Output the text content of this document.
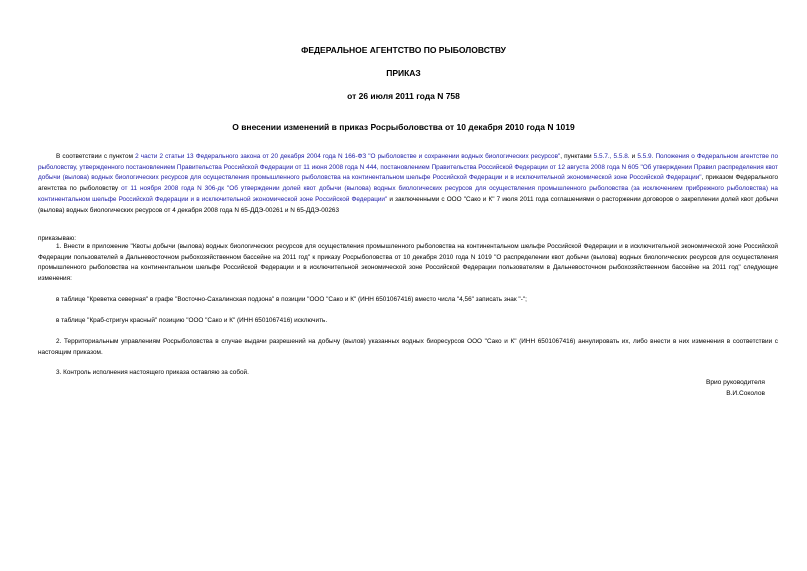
ФЕДЕРАЛЬНОЕ АГЕНТСТВО ПО РЫБОЛОВСТВУ
ПРИКАЗ
от 26 июля 2011 года N 758
О внесении изменений в приказ Росрыболовства от 10 декабря 2010 года N 1019
В соответствии с пунктом 2 части 2 статьи 13 Федерального закона от 20 декабря 2004 года N 166-ФЗ "О рыболовстве и сохранении водных биологических ресурсов", пунктами 5.5.7., 5.5.8. и 5.5.9. Положения о Федеральном агентстве по рыболовству, утвержденного постановлением Правительства Российской Федерации от 11 июня 2008 года N 444, постановлением Правительства Российской Федерации от 12 августа 2008 года N 605 "Об утверждении Правил распределения квот добычи (вылова) водных биологических ресурсов для осуществления промышленного рыболовства на континентальном шельфе Российской Федерации и в исключительной экономической зоне Российской Федерации", приказом Федерального агентства по рыболовству от 11 ноября 2008 года N 306-дк "Об утверждении долей квот добычи (вылова) водных биологических ресурсов для осуществления промышленного рыболовства (за исключением прибрежного рыболовства) на континентальном шельфе Российской Федерации и в исключительной экономической зоне Российской Федерации" и заключенными с ООО "Сако и К" 7 июля 2011 года соглашениями о расторжении договоров о закреплении долей квот добычи (вылова) водных биологических ресурсов от 4 декабря 2008 года N 65-ДДЭ-00261 и N 65-ДДЭ-00263
приказываю:
1. Внести в приложение "Квоты добычи (вылова) водных биологических ресурсов для осуществления промышленного рыболовства на континентальном шельфе Российской Федерации и в исключительной экономической зоне Российской Федерации пользователей в Дальневосточном рыбохозяйственном бассейне на 2011 год" к приказу Росрыболовства от 10 декабря 2010 года N 1019 "О распределении квот добычи (вылова) водных биологических ресурсов для осуществления промышленного рыболовства на континентальном шельфе Российской Федерации и в исключительной экономической зоне Российской Федерации пользователям в Дальневосточном рыбохозяйственном бассейне на 2011 год" следующие изменения:
в таблице "Креветка северная" в графе "Восточно-Сахалинская подзона" в позиции "ООО "Сако и К" (ИНН 6501067416) вместо числа "4,56" записать знак "-";
в таблице "Краб-стригун красный" позицию "ООО "Сако и К" (ИНН 6501067416) исключить.
2. Территориальным управлениям Росрыболовства в случае выдачи разрешений на добычу (вылов) указанных водных биоресурсов ООО "Сако и К" (ИНН 6501067416) аннулировать их, либо внести в них изменения в соответствии с настоящим приказом.
3. Контроль исполнения настоящего приказа оставляю за собой.
Врио руководителя
В.И.Соколов
